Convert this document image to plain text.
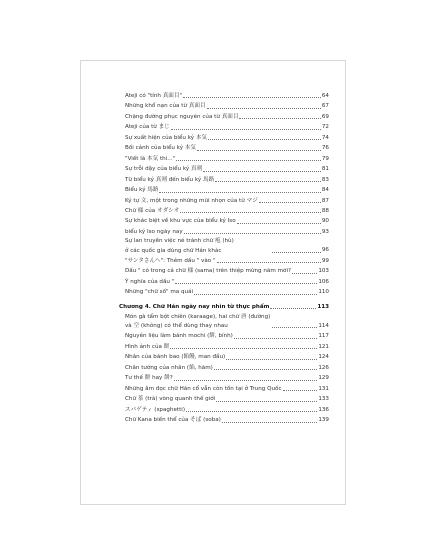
Ateji có "tính 真面目"	64
Những khổ nạn của từ 真面目	67
Chặng đường phục nguyên của từ 真面目	69
Ateji của từ まじ	72
Sự xuất hiện của biểu ký 本気	74
Bối cảnh của biểu ký 本気	76
"Viết là 本気 thì..."	79
Sự trỗi dậy của biểu ký 真剣	81
Từ biểu ký 真剣 đến biểu ký 馬路	83
Biểu ký 馬路	84
Ký tự 文, một trong những mũi nhọn của từ マジ	87
Chữ 様 của オダシオ	88
Sự khác biệt về khu vực của biểu ký Iso	90
biểu ký Iso ngày nay	93
Sự lan truyền việc né tránh chữ 疱 (hù)
ở các quốc gia dùng chữ Hán khác	96
"サンタさんへ": Thêm dấu " vào "	99
Dấu " có trong cả chữ 様 (sama) trên thiệp mừng năm mới?	103
Ý nghĩa của dấu "	106
Những "chữ số" ma quái	110
Chương 4. Chữ Hán ngày nay nhìn từ thực phẩm	113
Món gà tẩm bột chiên (karaage), hai chữ 唐 (đường)
và 空 (không) có thể dùng thay nhau	114
Nguyên liệu làm bánh mochi (餅, bính)	117
Hình ảnh của 餅	121
Nhân của bánh bao (餡饅, man đầu)	124
Chân tướng của nhân (餡, hãm)	126
Tư thế 餅 hay 餅?	129
Những âm đọc chữ Hán cổ vẫn còn tồn tại ở Trung Quốc	131
Chữ 茶 (trà) vòng quanh thế giới	133
スパゲティ (spaghetti)	136
Chữ Kana biến thể của そば (soba)	139
